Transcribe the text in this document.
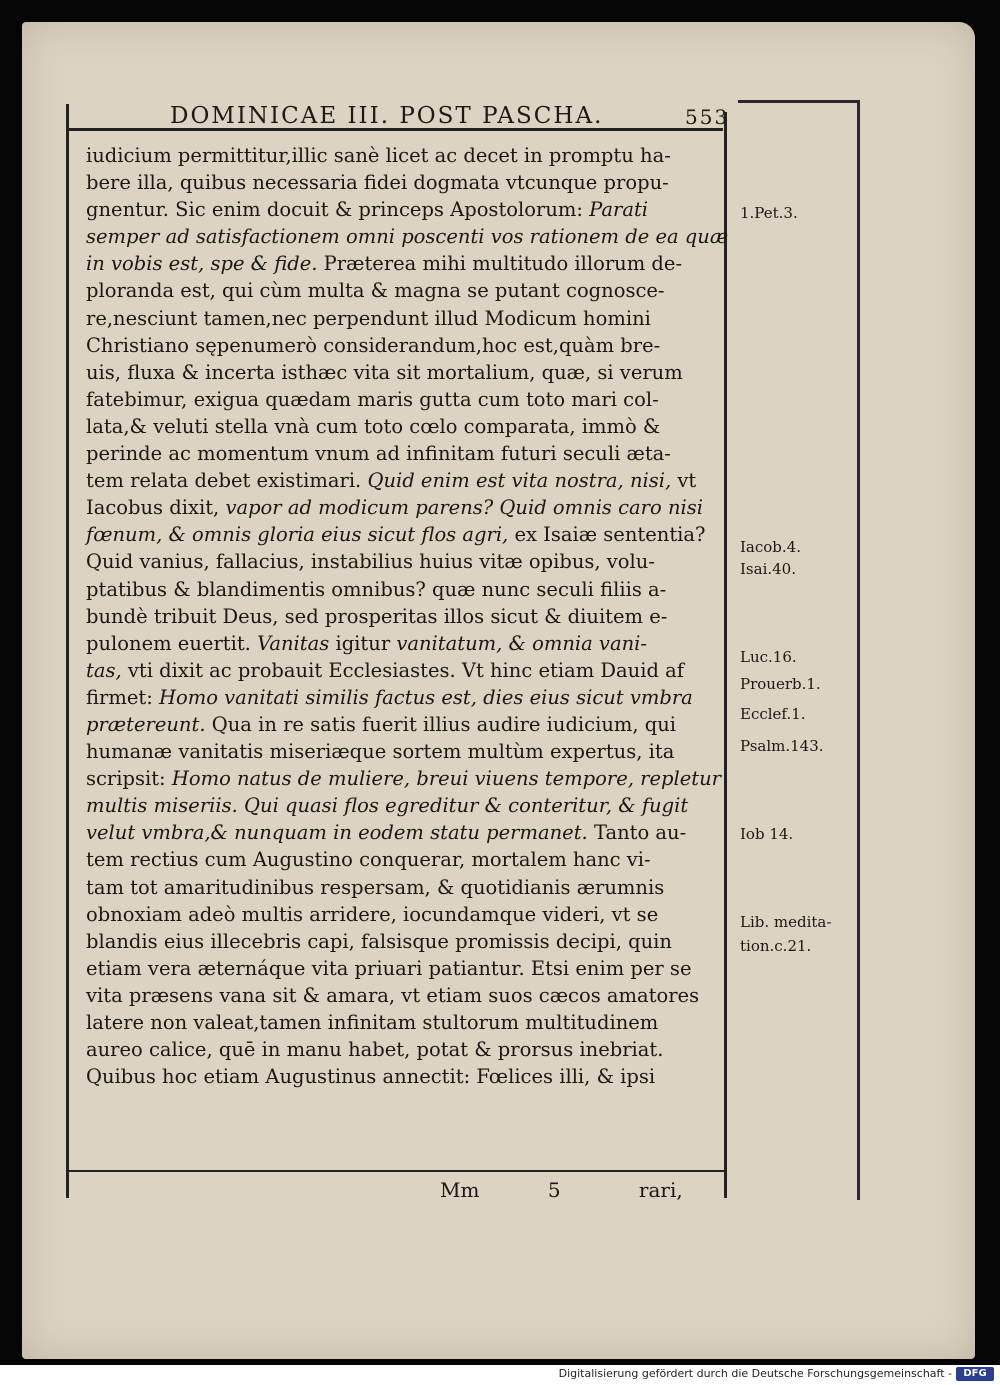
DOMINICAE III. POST PASCHA.	553
iudicium permittitur,illic sanè licet ac decet in promptu ha-
bere illa, quibus necessaria fidei dogmata vtcunque propu-
gnentur. Sic enim docuit & princeps Apostolorum: Parati
semper ad satisfactionem omni poscenti vos rationem de ea quæ
in vobis est, spe & fide. Præterea mihi multitudo illorum de-
ploranda est, qui cùm multa & magna se putant cognosce-
re,nesciunt tamen,nec perpendunt illud Modicum homini
Christiano sępenumerò considerandum,hoc est,quàm bre-
uis, fluxa & incerta isthæc vita sit mortalium, quæ, si verum
fatebimur, exigua quædam maris gutta cum toto mari col-
lata,& veluti stella vnà cum toto cœlo comparata, immò &
perinde ac momentum vnum ad infinitam futuri seculi ætа-
tem relata debet existimari. Quid enim est vita nostra, nisi, vt
Iacobus dixit, vapor ad modicum parens? Quid omnis caro nisi
fœnum, & omnis gloria eius sicut flos agri, ex Isaiæ sententia?
Quid vanius, fallacius, instabilius huius vitæ opibus, volu-
ptatibus & blandimentis omnibus? quæ nunc seculi filiis a-
bundè tribuit Deus, sed prosperitas illos sicut & diuitem e-
pulonem euertit. Vanitas igitur vanitatum, & omnia vani-
tas, vti dixit ac probauit Ecclesiastes. Vt hinc etiam Dauid af
firmet: Homo vanitati similis factus est, dies eius sicut vmbra
prætereunt. Qua in re satis fuerit illius audire iudicium, qui
humanæ vanitatis miseriæque sortem multùm expertus, ita
scripsit: Homo natus de muliere, breui viuens tempore, repletur
multis miseriis. Qui quasi flos egreditur & conteritur, & fugit
velut vmbra,& nunquam in eodem statu permanet. Tanto au-
tem rectius cum Augustino conquerar, mortalem hanc vi-
tam tot amaritudinibus respersam, & quotidianis ærumnis
obnoxiam adeò multis arridere, iocundamque videri, vt se
blandis eius illecebris capi, falsisque promissis decipi, quin
etiam vera æternáque vita priuari patiantur. Etsi enim per se
vita præsens vana sit & amara, vt etiam suos cæcos amatores
latere non valeat,tamen infinitam stultorum multitudinem
aureo calice, quē in manu habet, potat & prorsus inebriat.
Quibus hoc etiam Augustinus annectit: Fœlices illi, & ipsi
1.Pet.3.
Iacob.4.
Isai.40.
Luc.16.
Prouerb.1.
Ecclef.1.
Psalm.143.
Iob 14.
Lib. medita-
tion.c.21.
Mm	5	rari,
Digitalisierung gefördert durch die Deutsche Forschungsgemeinschaft -	DFG
